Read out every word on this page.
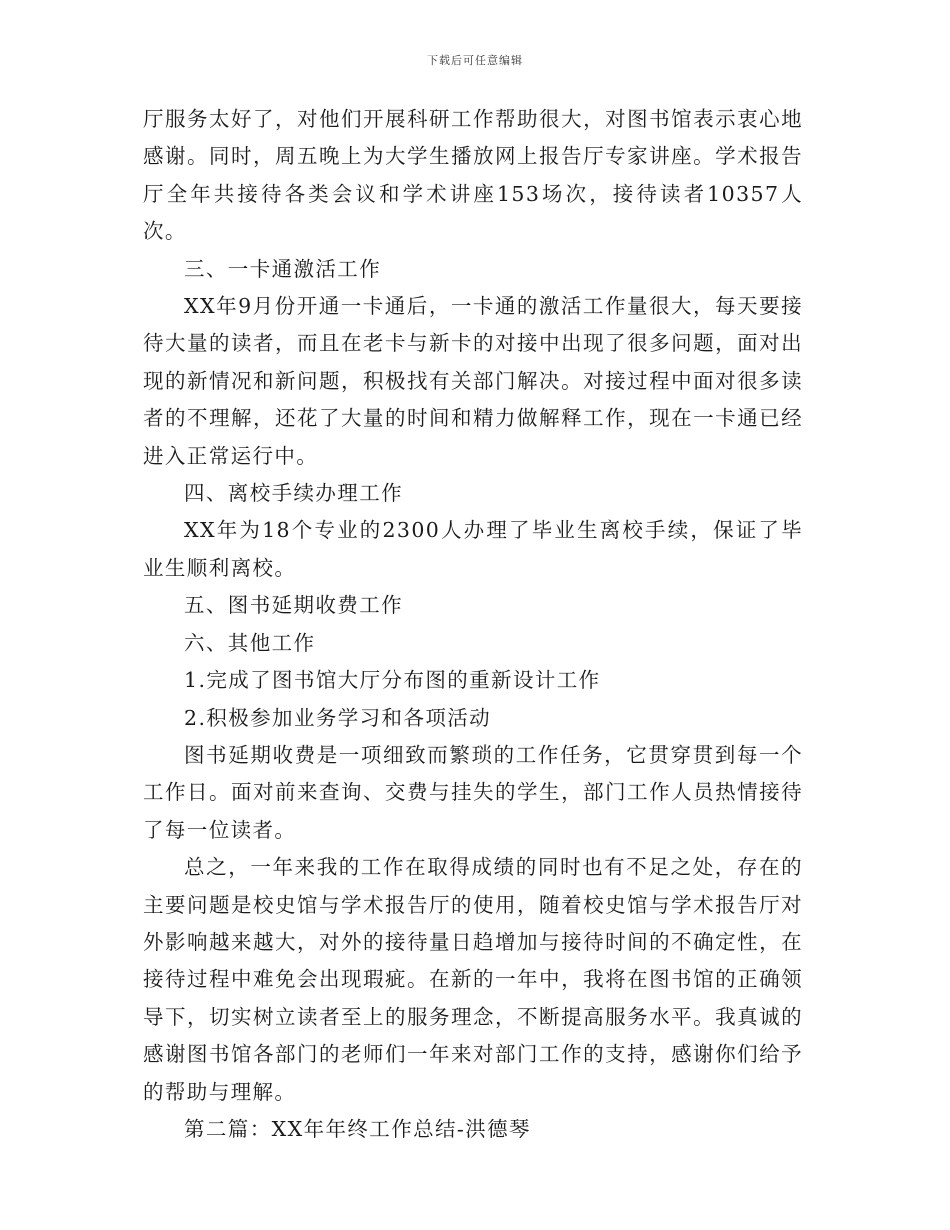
下载后可任意编辑

厅服务太好了，对他们开展科研工作帮助很大，对图书馆表示衷心地感谢。同时，周五晚上为大学生播放网上报告厅专家讲座。学术报告厅全年共接待各类会议和学术讲座153场次，接待读者10357人次。

三、一卡通激活工作

XX年9月份开通一卡通后，一卡通的激活工作量很大，每天要接待大量的读者，而且在老卡与新卡的对接中出现了很多问题，面对出现的新情况和新问题，积极找有关部门解决。对接过程中面对很多读者的不理解，还花了大量的时间和精力做解释工作，现在一卡通已经进入正常运行中。

四、离校手续办理工作

XX年为18个专业的2300人办理了毕业生离校手续，保证了毕业生顺利离校。

五、图书延期收费工作

六、其他工作

1.完成了图书馆大厅分布图的重新设计工作

2.积极参加业务学习和各项活动

图书延期收费是一项细致而繁琐的工作任务，它贯穿贯到每一个工作日。面对前来查询、交费与挂失的学生，部门工作人员热情接待了每一位读者。

总之，一年来我的工作在取得成绩的同时也有不足之处，存在的主要问题是校史馆与学术报告厅的使用，随着校史馆与学术报告厅对外影响越来越大，对外的接待量日趋增加与接待时间的不确定性，在接待过程中难免会出现瑕疵。在新的一年中，我将在图书馆的正确领导下，切实树立读者至上的服务理念，不断提高服务水平。我真诚的感谢图书馆各部门的老师们一年来对部门工作的支持，感谢你们给予的帮助与理解。

第二篇：XX年年终工作总结-洪德琴
